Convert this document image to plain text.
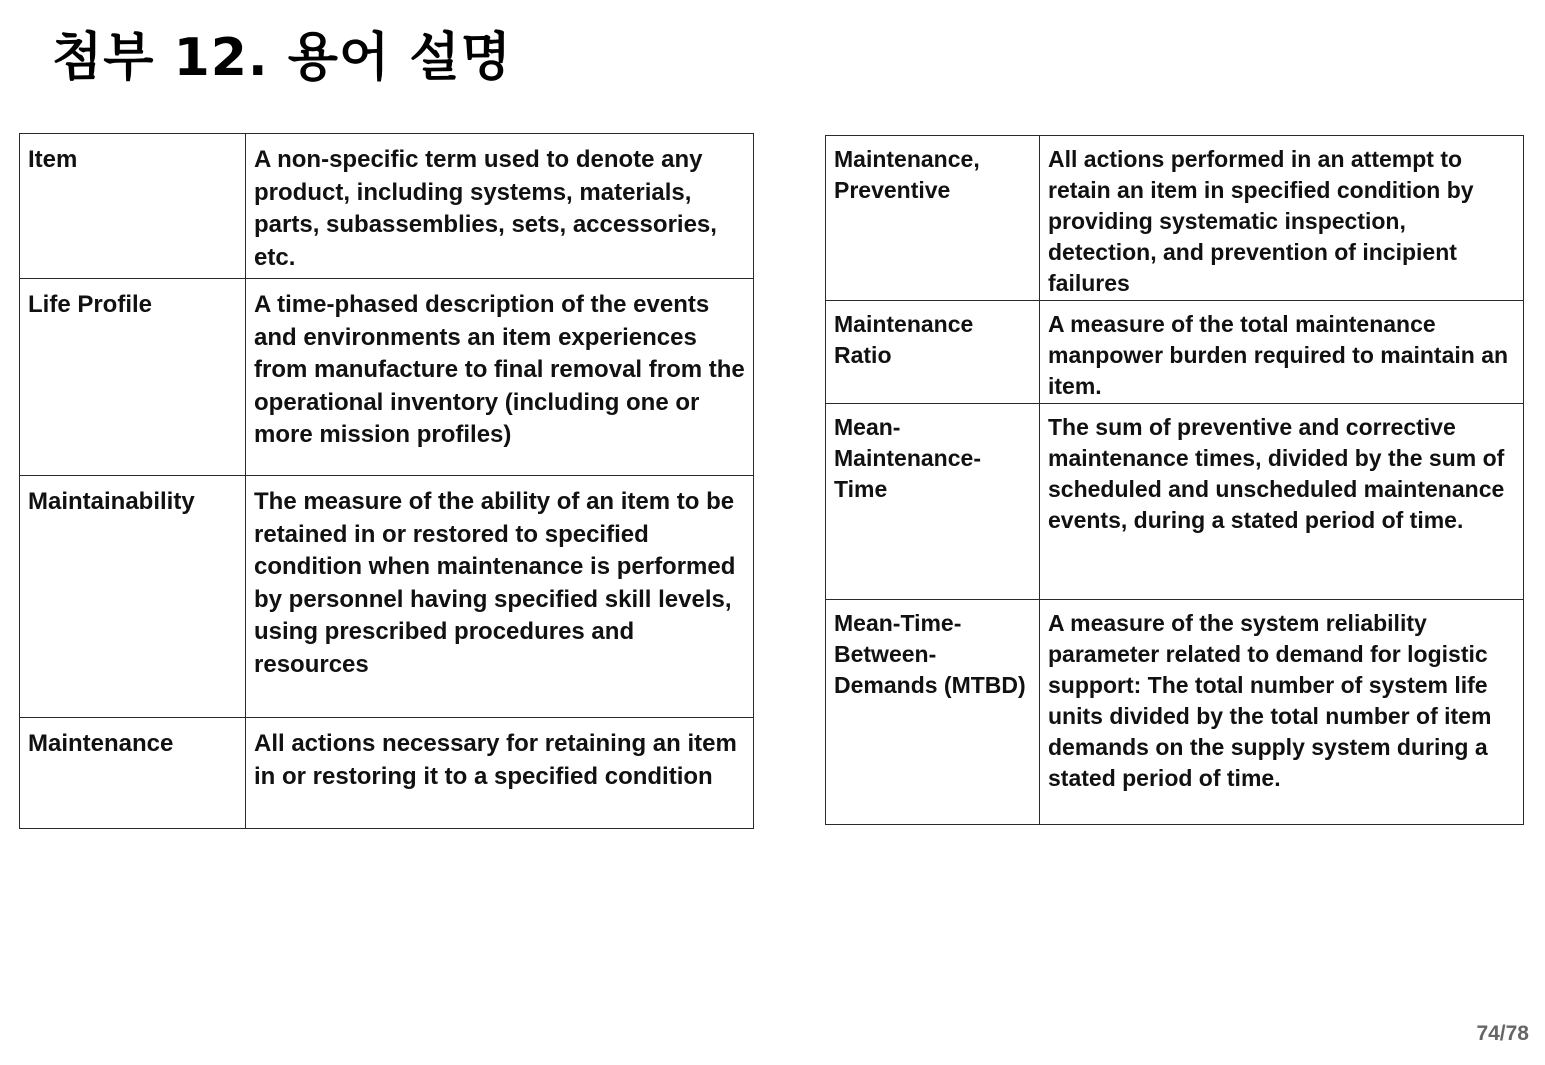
첨부 12. 용어 설명
Item	A non-specific term used to denote any product, including systems, materials, parts, subassemblies, sets, accessories, etc.
Life Profile	A time-phased description of the events and environments an item experiences from manufacture to final removal from the operational inventory (including one or more mission profiles)
Maintainability	The measure of the ability of an item to be retained in or restored to specified condition when maintenance is performed by personnel having specified skill levels, using prescribed procedures and resources
Maintenance	All actions necessary for retaining an item in or restoring it to a specified condition
Maintenance, Preventive	All actions performed in an attempt to retain an item in specified condition by providing systematic inspection, detection, and prevention of incipient failures
Maintenance Ratio	A measure of the total maintenance manpower burden required to maintain an item.
Mean-Maintenance-Time	The sum of preventive and corrective maintenance times, divided by the sum of scheduled and unscheduled maintenance events, during a stated period of time.
Mean-Time-Between-Demands (MTBD)	A measure of the system reliability parameter related to demand for logistic support: The total number of system life units divided by the total number of item demands on the supply system during a stated period of time.
74/78
